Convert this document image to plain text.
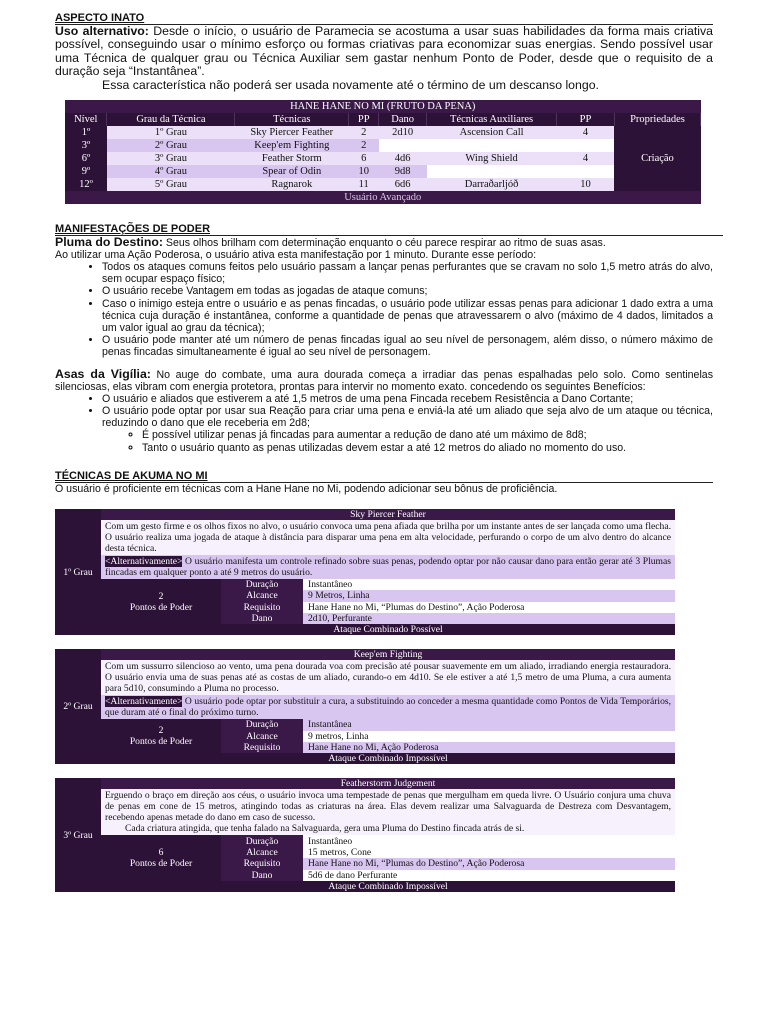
ASPECTO INATO

Uso alternativo: Desde o início, o usuário de Paramecia se acostuma a usar suas habilidades da forma mais criativa possível, conseguindo usar o mínimo esforço ou formas criativas para economizar suas energias. Sendo possível usar uma Técnica de qualquer grau ou Técnica Auxiliar sem gastar nenhum Ponto de Poder, desde que o requisito de a duração seja “Instantânea”.

Essa característica não poderá ser usada novamente até o término de um descanso longo.

HANE HANE NO MI (FRUTO DA PENA)							
Nível	Grau da Técnica	Técnicas	PP	Dano	Técnicas Auxiliares	PP	Propriedades
1º	1º Grau	Sky Piercer Feather	2	2d10	Ascension Call	4	Criação
3º	2º Grau	Keep'em Fighting	2				
6º	3º Grau	Feather Storm	6	4d6	Wing Shield	4	
9º	4º Grau	Spear of Odin	10	9d8			
12º	5º Grau	Ragnarok	11	6d6	Darraðarljóð	10	
Usuário Avançado							
MANIFESTAÇÕES DE PODER

Pluma do Destino: Seus olhos brilham com determinação enquanto o céu parece respirar ao ritmo de suas asas.

Ao utilizar uma Ação Poderosa, o usuário ativa esta manifestação por 1 minuto. Durante esse período:

• Todos os ataques comuns feitos pelo usuário passam a lançar penas perfurantes que se cravam no solo 1,5 metro atrás do alvo, sem ocupar espaço físico;
• O usuário recebe Vantagem em todas as jogadas de ataque comuns;
• Caso o inimigo esteja entre o usuário e as penas fincadas, o usuário pode utilizar essas penas para adicionar 1 dado extra a uma técnica cuja duração é instantânea, conforme a quantidade de penas que atravessarem o alvo (máximo de 4 dados, limitados a um valor igual ao grau da técnica);
• O usuário pode manter até um número de penas fincadas igual ao seu nível de personagem, além disso, o número máximo de penas fincadas simultaneamente é igual ao seu nível de personagem.

Asas da Vigília: No auge do combate, uma aura dourada começa a irradiar das penas espalhadas pelo solo. Como sentinelas silenciosas, elas vibram com energia protetora, prontas para intervir no momento exato. concedendo os seguintes Benefícios:

• O usuário e aliados que estiverem a até 1,5 metros de uma pena Fincada recebem Resistência a Dano Cortante;
• O usuário pode optar por usar sua Reação para criar uma pena e enviá-la até um aliado que seja alvo de um ataque ou técnica, reduzindo o dano que ele receberia em 2d8;
◦ É possível utilizar penas já fincadas para aumentar a redução de dano até um máximo de 8d8;
◦ Tanto o usuário quanto as penas utilizadas devem estar a até 12 metros do aliado no momento do uso.
TÉCNICAS DE AKUMA NO MI

O usuário é proficiente em técnicas com a Hane Hane no Mi, podendo adicionar seu bônus de proficiência.

1º Grau	Sky Piercer Feather		
	Com um gesto firme e os olhos fixos no alvo, o usuário convoca uma pena afiada que brilha por um instante antes de ser lançada como uma flecha. O usuário realiza uma jogada de ataque à distância para disparar uma pena em alta velocidade, perfurando o corpo de um alvo dentro do alcance desta técnica.		
	<Alternativamente> O usuário manifesta um controle refinado sobre suas penas, podendo optar por não causar dano para então gerar até 3 Plumas fincadas em qualquer ponto a até 9 metros do usuário.		
	2
Pontos de Poder	Duração	Instantâneo
		Alcance	9 Metros, Linha
		Requisito	Hane Hane no Mi, “Plumas do Destino”, Ação Poderosa
		Dano	2d10, Perfurante
	Ataque Combinado Possível		
2º Grau	Keep'em Fighting		
	Com um sussurro silencioso ao vento, uma pena dourada voa com precisão até pousar suavemente em um aliado, irradiando energia restauradora. O usuário envia uma de suas penas até as costas de um aliado, curando-o em 4d10. Se ele estiver a até 1,5 metro de uma Pluma, a cura aumenta para 5d10, consumindo a Pluma no processo.		
	<Alternativamente> O usuário pode optar por substituir a cura, a substituindo ao conceder a mesma quantidade como Pontos de Vida Temporários, que duram até o final do próximo turno.		
	2
Pontos de Poder	Duração	Instantânea
		Alcance	9 metros, Linha
		Requisito	Hane Hane no Mi, Ação Poderosa
	Ataque Combinado Impossível		
3º Grau	Featherstorm Judgement		
	Erguendo o braço em direção aos céus, o usuário invoca uma tempestade de penas que mergulham em queda livre. O Usuário conjura uma chuva de penas em cone de 15 metros, atingindo todas as criaturas na área. Elas devem realizar uma Salvaguarda de Destreza com Desvantagem, recebendo apenas metade do dano em caso de sucesso.
Cada criatura atingida, que tenha falado na Salvaguarda, gera uma Pluma do Destino fincada atrás de si.		
	6
Pontos de Poder	Duração	Instantâneo
		Alcance	15 metros, Cone
		Requisito	Hane Hane no Mi, “Plumas do Destino”, Ação Poderosa
		Dano	5d6 de dano Perfurante
	Ataque Combinado Impossível		
